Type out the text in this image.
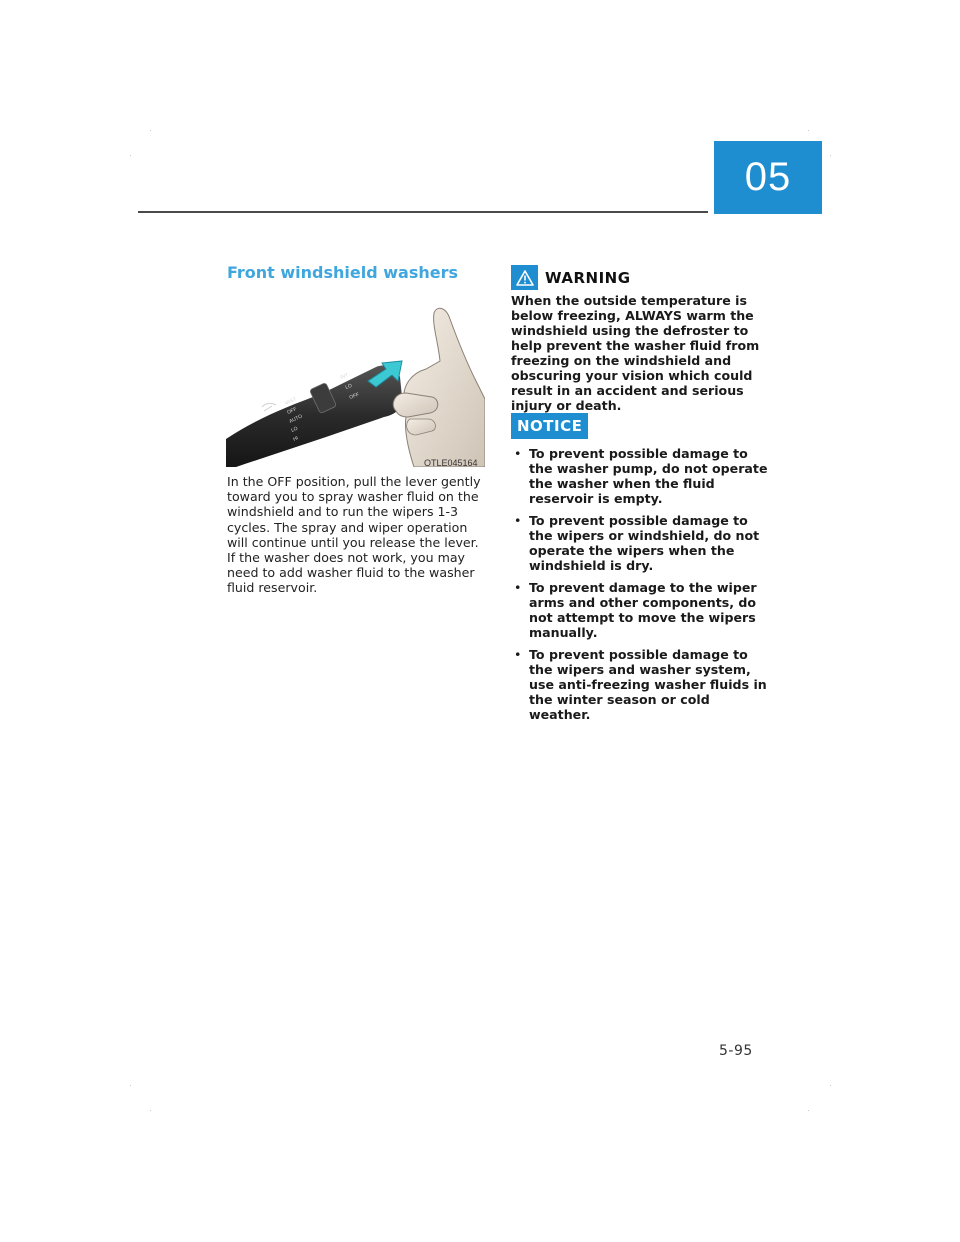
05
Front windshield washers
MIST
OFF
AUTO
LO
HI
INT
LO
OFF
OTLE045164
In the OFF position, pull the lever gently toward you to spray washer fluid on the windshield and to run the wipers 1-3 cycles. The spray and wiper operation will continue until you release the lever. If the washer does not work, you may need to add washer fluid to the washer fluid reservoir.
WARNING
When the outside temperature is below freezing, ALWAYS warm the windshield using the defroster to help prevent the washer fluid from freezing on the windshield and obscuring your vision which could result in an accident and serious injury or death.
NOTICE
• To prevent possible damage to the washer pump, do not operate the washer when the fluid reservoir is empty.
• To prevent possible damage to the wipers or windshield, do not operate the wipers when the windshield is dry.
• To prevent damage to the wiper arms and other components, do not attempt to move the wipers manually.
• To prevent possible damage to the wipers and washer system, use anti-freezing washer fluids in the winter season or cold weather.
5-95
